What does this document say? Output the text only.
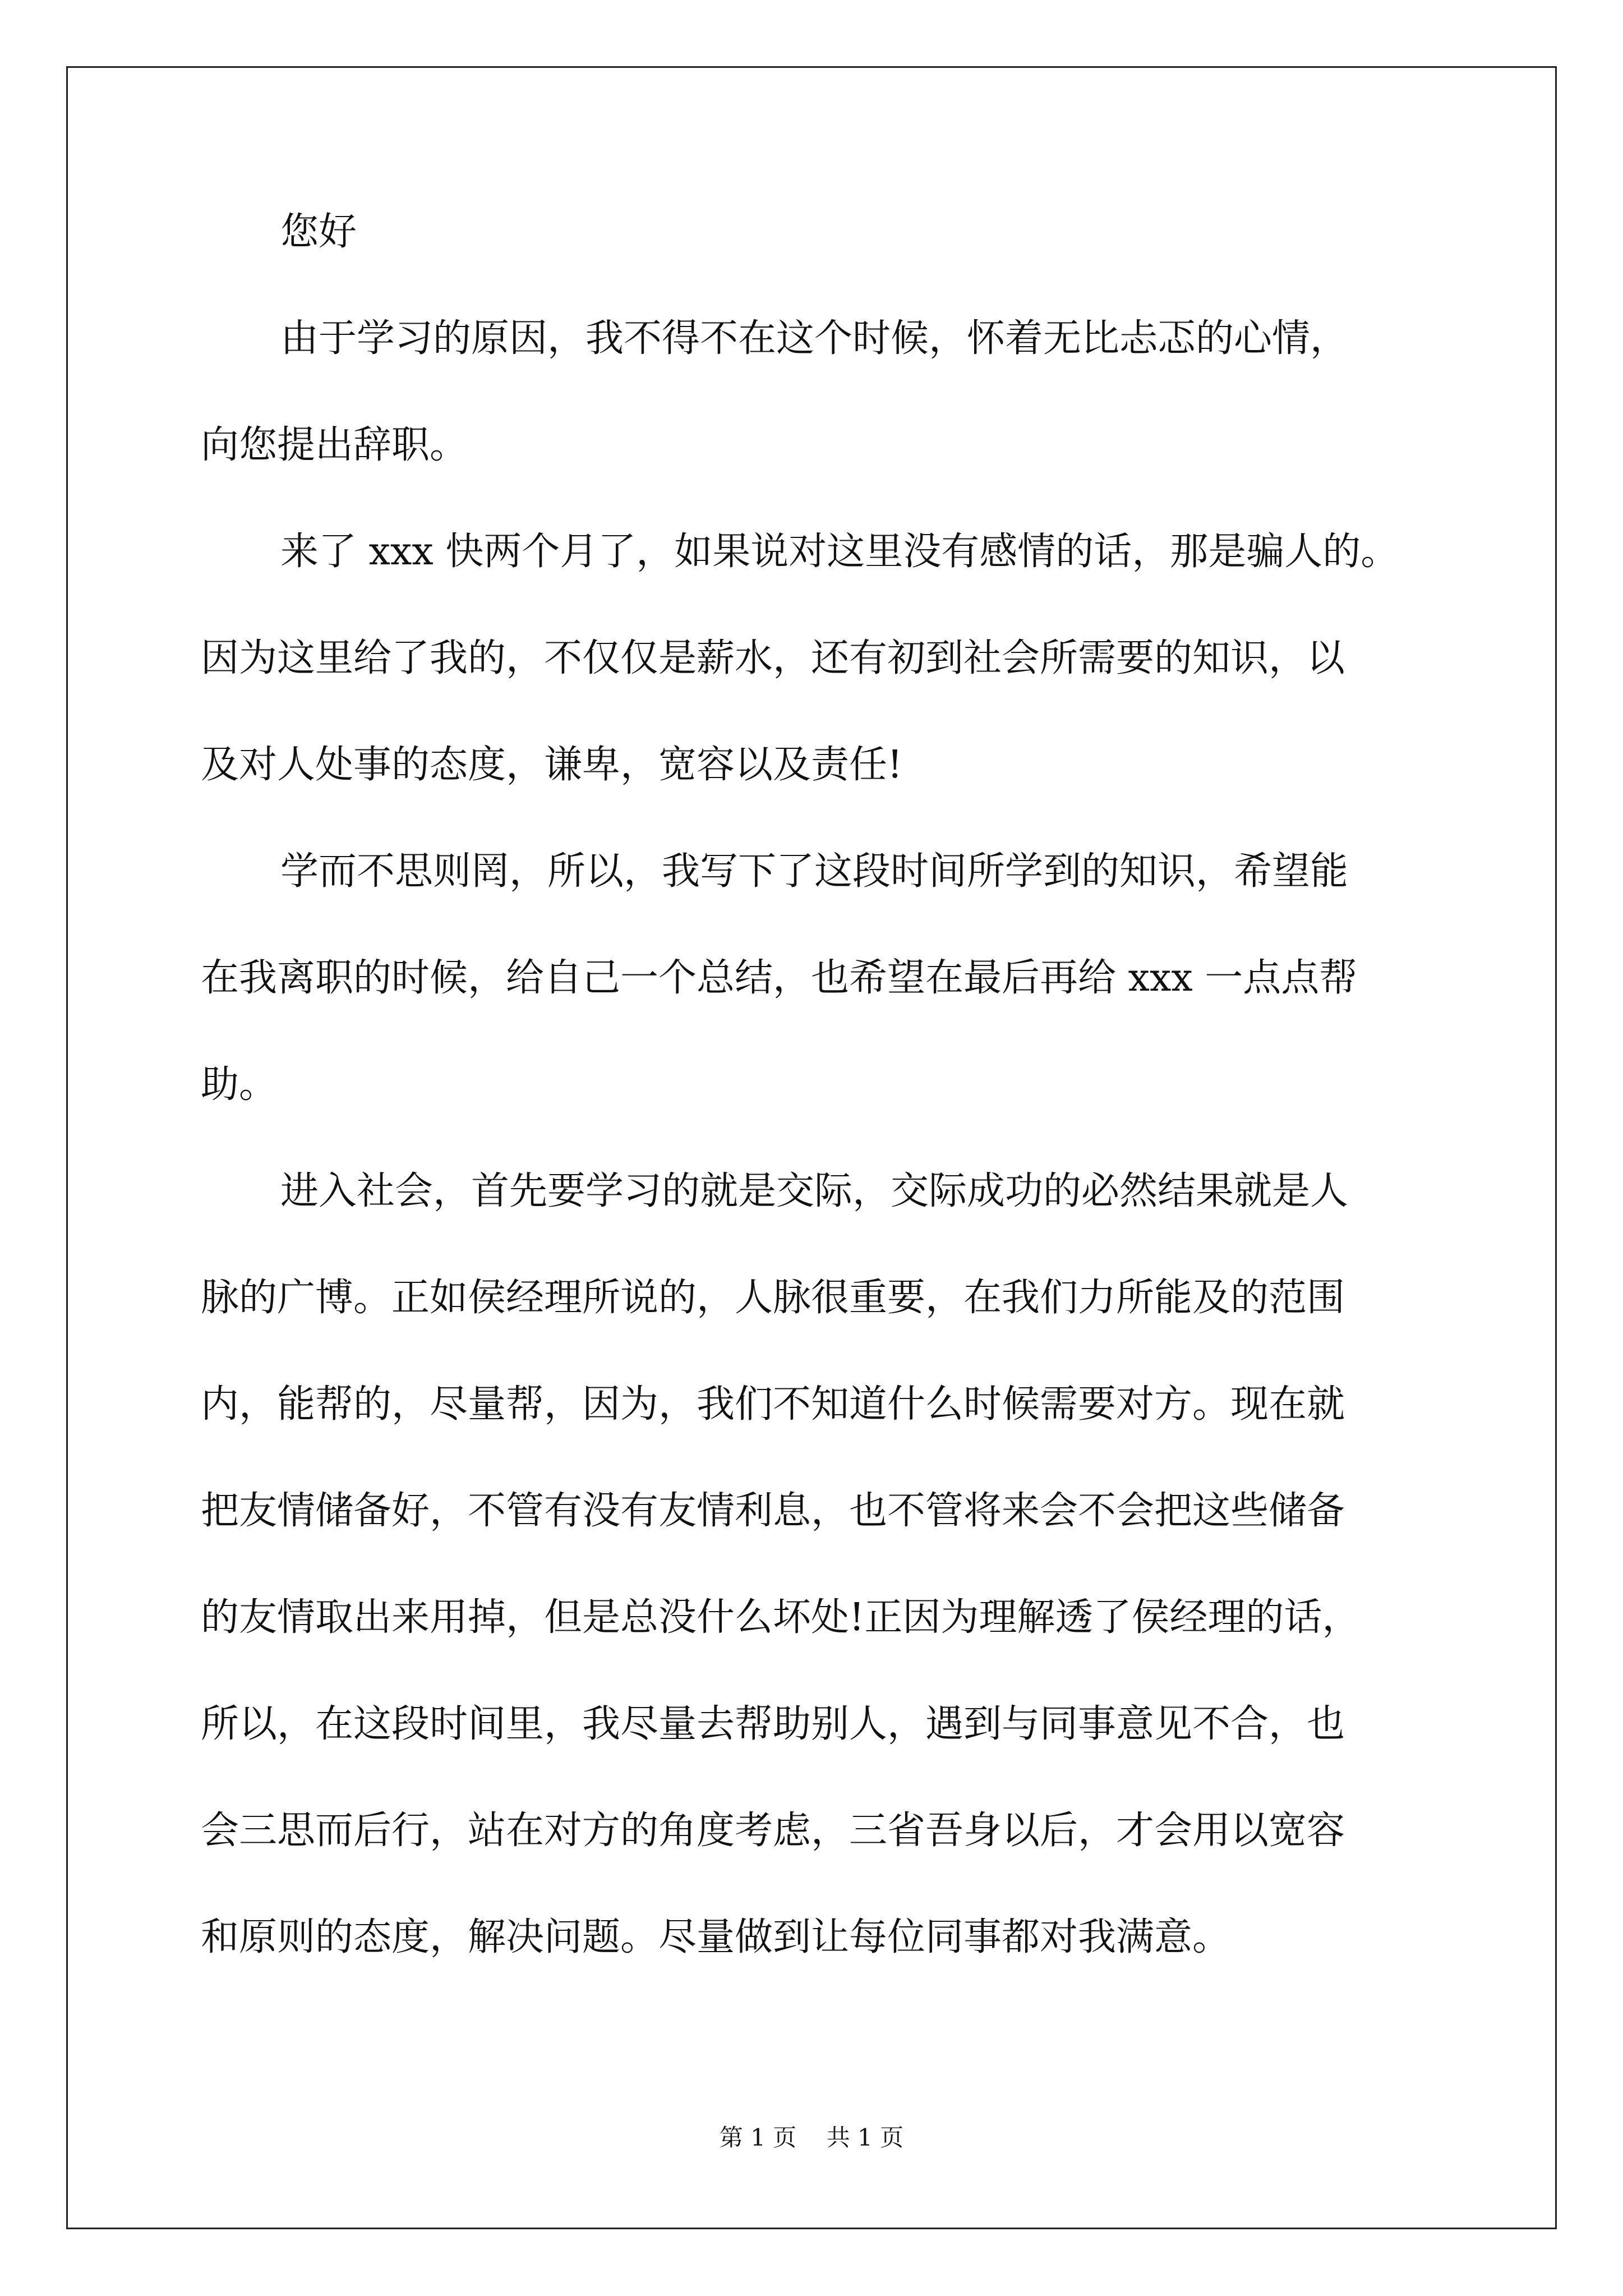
您好
由于学习的原因，我不得不在这个时候，怀着无比忐忑的心情，
向您提出辞职。
来了 xxx 快两个月了，如果说对这里没有感情的话，那是骗人的。
因为这里给了我的，不仅仅是薪水，还有初到社会所需要的知识，以
及对人处事的态度，谦卑，宽容以及责任!
学而不思则罔，所以，我写下了这段时间所学到的知识，希望能
在我离职的时候，给自己一个总结，也希望在最后再给 xxx 一点点帮
助。
进入社会，首先要学习的就是交际，交际成功的必然结果就是人
脉的广博。正如侯经理所说的，人脉很重要，在我们力所能及的范围
内，能帮的，尽量帮，因为，我们不知道什么时候需要对方。现在就
把友情储备好，不管有没有友情利息，也不管将来会不会把这些储备
的友情取出来用掉，但是总没什么坏处!正因为理解透了侯经理的话，
所以，在这段时间里，我尽量去帮助别人，遇到与同事意见不合，也
会三思而后行，站在对方的角度考虑，三省吾身以后，才会用以宽容
和原则的态度，解决问题。尽量做到让每位同事都对我满意。
第 1 页    共 1 页
